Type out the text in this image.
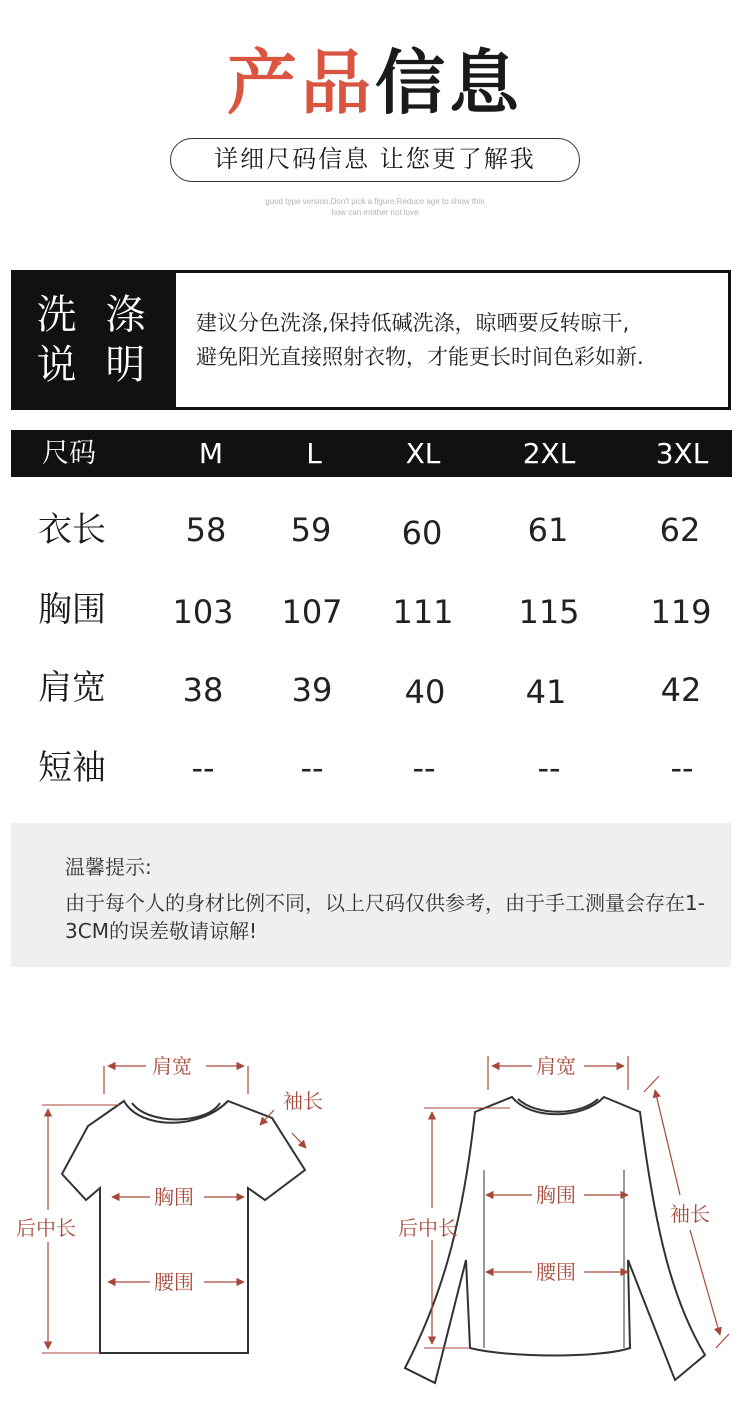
产品信息
详细尺码信息 让您更了解我
good type version,Don't pick a figure,Reduce age to show thin
how can mother not love
洗 涤
说 明
建议分色洗涤,保持低碱洗涤，晾晒要反转晾干,
避免阳光直接照射衣物，才能更长时间色彩如新.
尺码	M	L	XL	2XL	3XL
衣长 58 59 60	61	62
胸围 103 107 111 115 119
肩宽 38 39 40	41	42
短袖	--	--	--	--	--
温馨提示:
由于每个人的身材比例不同，以上尺码仅供参考，由于手工测量会存在1-3CM的误差敬请谅解!
肩宽
袖长
胸围
腰围
后中长
肩宽
胸围
腰围
后中长
袖长
